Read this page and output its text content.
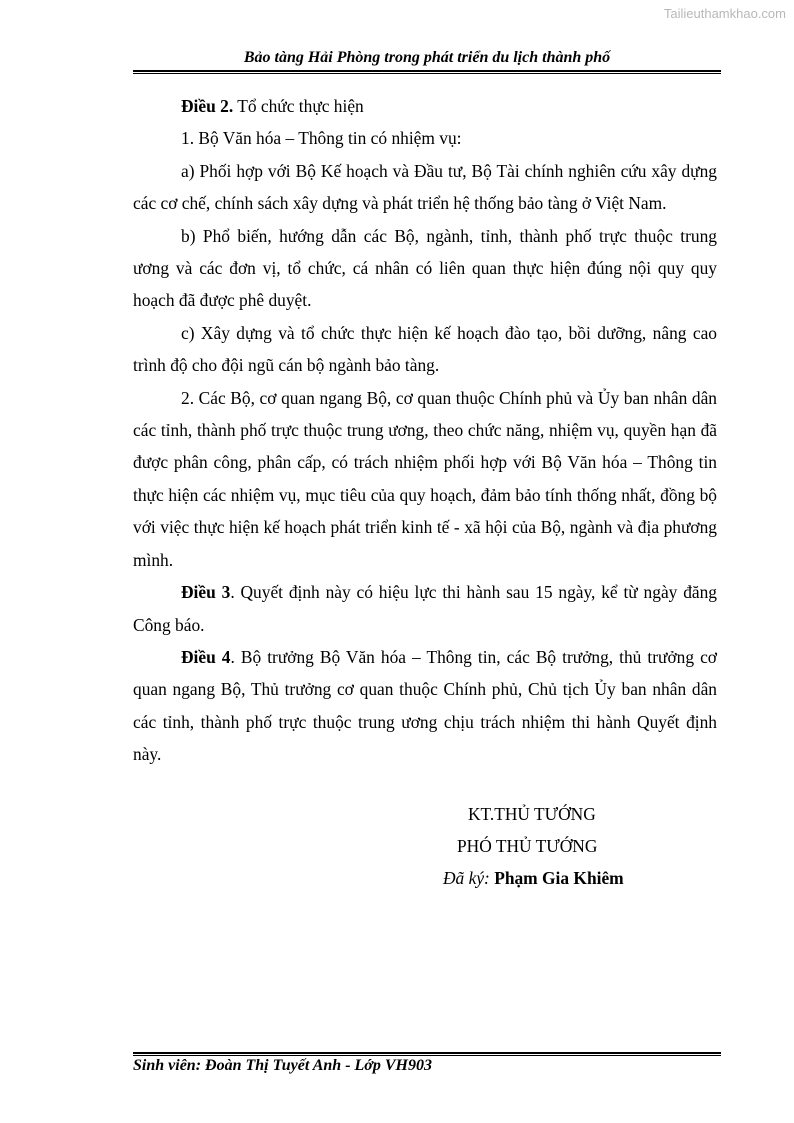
Tailieuthamkhao.com
Bảo tàng Hải Phòng trong phát triển du lịch thành phố

Điều 2. Tổ chức thực hiện

1. Bộ Văn hóa – Thông tin có nhiệm vụ:

a) Phối hợp với Bộ Kế hoạch và Đầu tư, Bộ Tài chính nghiên cứu xây dựng các cơ chế, chính sách xây dựng và phát triển hệ thống bảo tàng ở Việt Nam.

b) Phổ biến, hướng dẫn các Bộ, ngành, tỉnh, thành phố trực thuộc trung ương và các đơn vị, tổ chức, cá nhân có liên quan thực hiện đúng nội quy quy hoạch đã được phê duyệt.

c) Xây dựng và tổ chức thực hiện kế hoạch đào tạo, bồi dưỡng, nâng cao trình độ cho đội ngũ cán bộ ngành bảo tàng.

2. Các Bộ, cơ quan ngang Bộ, cơ quan thuộc Chính phủ và Ủy ban nhân dân các tỉnh, thành phố trực thuộc trung ương, theo chức năng, nhiệm vụ, quyền hạn đã được phân công, phân cấp, có trách nhiệm phối hợp với Bộ Văn hóa – Thông tin thực hiện các nhiệm vụ, mục tiêu của quy hoạch, đảm bảo tính thống nhất, đồng bộ với việc thực hiện kế hoạch phát triển kinh tế - xã hội của Bộ, ngành và địa phương mình.

Điều 3. Quyết định này có hiệu lực thi hành sau 15 ngày, kể từ ngày đăng Công báo.

Điều 4. Bộ trưởng Bộ Văn hóa – Thông tin, các Bộ trưởng, thủ trưởng cơ quan ngang Bộ, Thủ trưởng cơ quan thuộc Chính phủ, Chủ tịch Ủy ban nhân dân các tỉnh, thành phố trực thuộc trung ương chịu trách nhiệm thi hành Quyết định này.

KT.THỦ TƯỚNG
PHÓ THỦ TƯỚNG
Đã ký: Phạm Gia Khiêm
Sinh viên: Đoàn Thị Tuyết Anh - Lớp VH903
